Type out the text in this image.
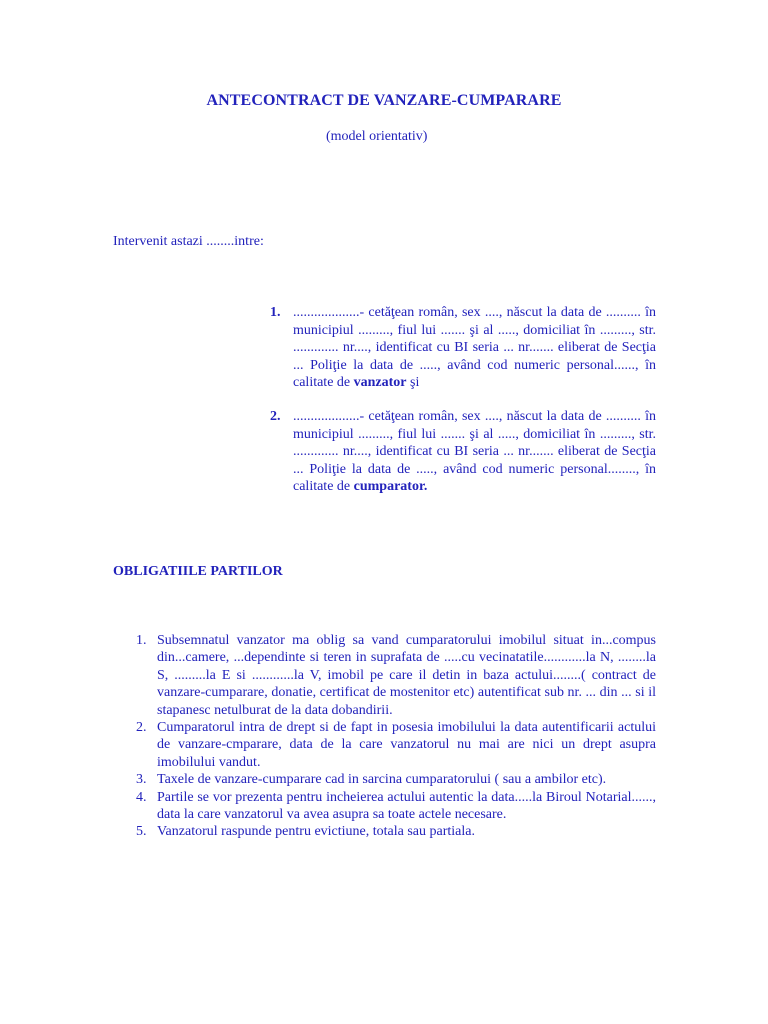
ANTECONTRACT DE VANZARE-CUMPARARE

(model orientativ)

Intervenit astazi ........intre:

1. ...................- cetăţean român, sex ...., născut la data de .......... în municipiul ........., fiul lui ....... şi al ....., domiciliat în ........., str. ............. nr...., identificat cu BI seria ... nr....... eliberat de Secţia ... Poliţie la data de ....., având cod numeric personal......, în calitate de vanzator şi
2. ...................- cetăţean român, sex ...., născut la data de .......... în municipiul ........., fiul lui ....... şi al ....., domiciliat în ........., str. ............. nr...., identificat cu BI seria ... nr....... eliberat de Secţia ... Poliţie la data de ....., având cod numeric personal........, în calitate de cumparator.
OBLIGATIILE PARTILOR
1. Subsemnatul vanzator ma oblig sa vand cumparatorului imobilul situat in...compus din...camere, ...dependinte si teren in suprafata de .....cu vecinatatile............la N, ........la S, .........la E si ............la V, imobil pe care il detin in baza actului........( contract de vanzare-cumparare, donatie, certificat de mostenitor etc) autentificat sub nr. ... din ... si il stapanesc netulburat de la data dobandirii.
2. Cumparatorul intra de drept si de fapt in posesia imobilului la data autentificarii actului de vanzare-cmparare, data de la care vanzatorul nu mai are nici un drept asupra imobilului vandut.
3. Taxele de vanzare-cumparare cad in sarcina cumparatorului ( sau a ambilor etc).
4. Partile se vor prezenta pentru incheierea actului autentic la data.....la Biroul Notarial......, data la care vanzatorul va avea asupra sa toate actele necesare.
5. Vanzatorul raspunde pentru evictiune, totala sau partiala.
